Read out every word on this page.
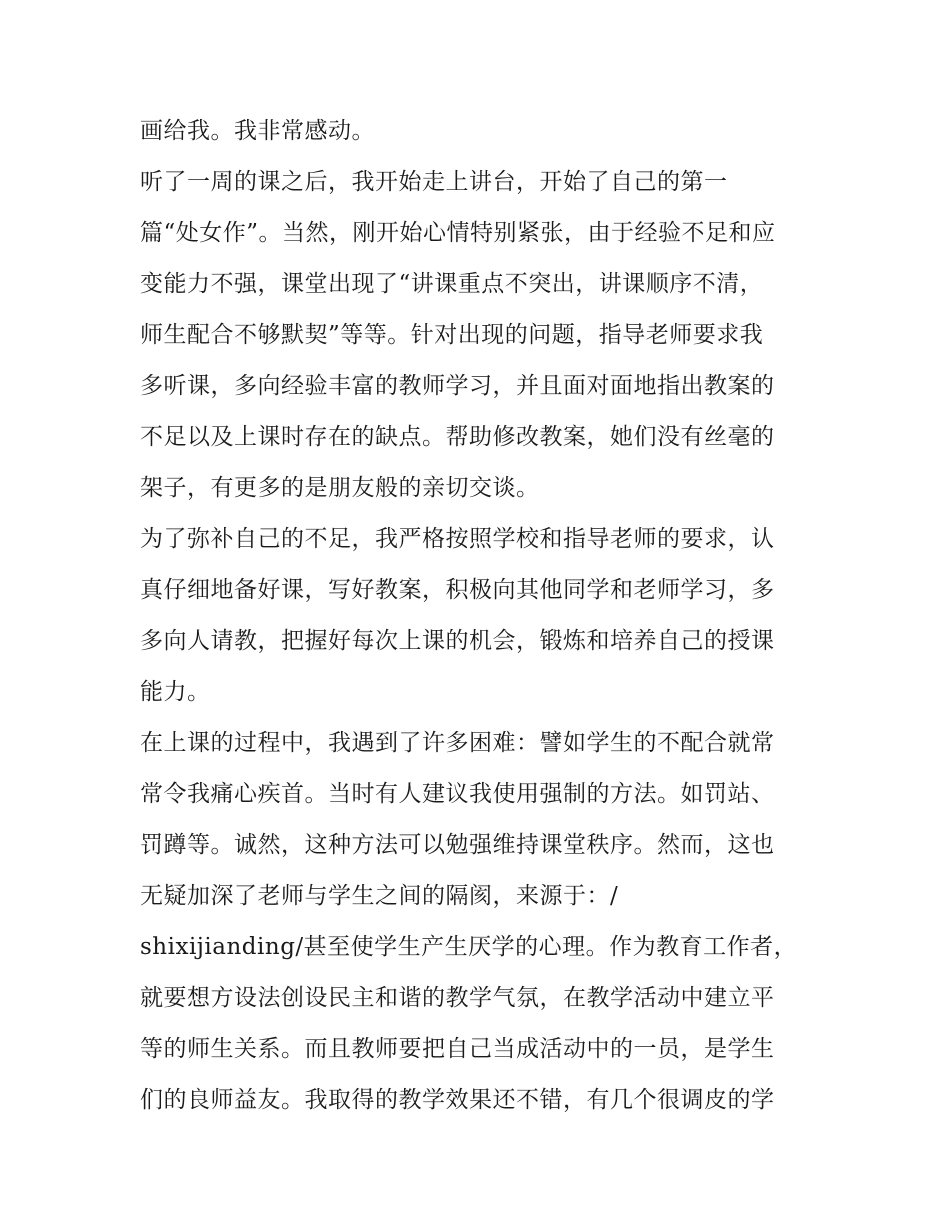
画给我。我非常感动。
听了一周的课之后，我开始走上讲台，开始了自己的第一
篇“处女作”。当然，刚开始心情特别紧张，由于经验不足和应
变能力不强，课堂出现了“讲课重点不突出，讲课顺序不清，
师生配合不够默契”等等。针对出现的问题，指导老师要求我
多听课，多向经验丰富的教师学习，并且面对面地指出教案的
不足以及上课时存在的缺点。帮助修改教案，她们没有丝毫的
架子，有更多的是朋友般的亲切交谈。
为了弥补自己的不足，我严格按照学校和指导老师的要求，认
真仔细地备好课，写好教案，积极向其他同学和老师学习，多
多向人请教，把握好每次上课的机会，锻炼和培养自己的授课
能力。
在上课的过程中，我遇到了许多困难：譬如学生的不配合就常
常令我痛心疾首。当时有人建议我使用强制的方法。如罚站、
罚蹲等。诚然，这种方法可以勉强维持课堂秩序。然而，这也
无疑加深了老师与学生之间的隔阂，来源于：/
shixijianding/甚至使学生产生厌学的心理。作为教育工作者，
就要想方设法创设民主和谐的教学气氛，在教学活动中建立平
等的师生关系。而且教师要把自己当成活动中的一员，是学生
们的良师益友。我取得的教学效果还不错，有几个很调皮的学
